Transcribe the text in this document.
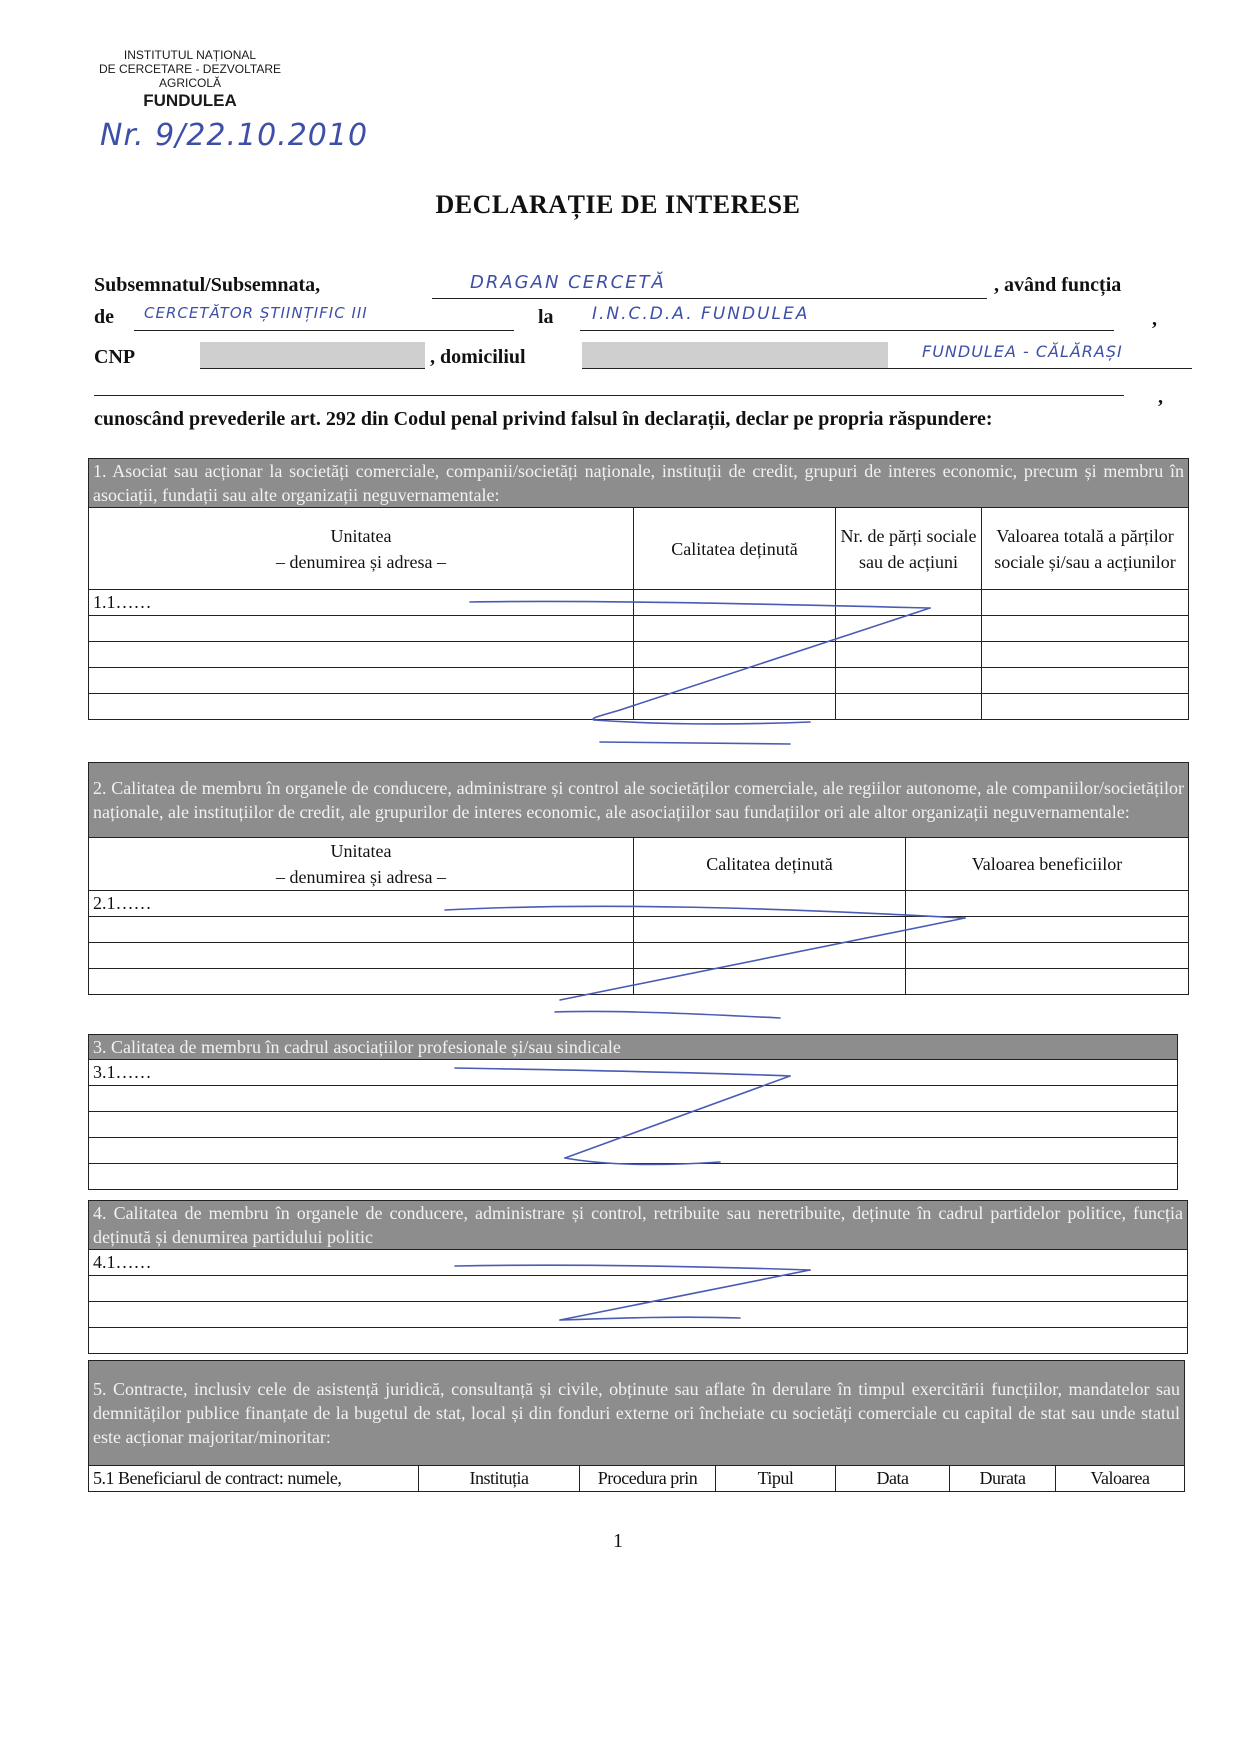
INSTITUTUL NAȚIONAL
DE CERCETARE - DEZVOLTARE
AGRICOLĂ
FUNDULEA
Nr. 9/22.10.2010
DECLARAȚIE DE INTERESE
Subsemnatul/Subsemnata,	DRAGAN CERCETĂ	, având funcția
de CERCETĂTOR ȘTIINȚIFIC III	la I.N.C.D.A. FUNDULEA	,
CNP	, domiciliul	FUNDULEA - CĂLĂRAȘI
,
cunoscând prevederile art. 292 din Codul penal privind falsul în declarații, declar pe propria răspundere:
1. Asociat sau acționar la societăți comerciale, companii/societăți naționale, instituții de credit, grupuri de interes economic, precum și membru în asociații, fundații sau alte organizații neguvernamentale:			

Unitatea
– denumirea și adresa –	Calitatea deținută	Nr. de părți sociale sau de acțiuni	Valoarea totală a părților sociale și/sau a acțiunilor
1.1……			

2. Calitatea de membru în organele de conducere, administrare și control ale societăților comerciale, ale regiilor autonome, ale companiilor/societăților naționale, ale instituțiilor de credit, ale grupurilor de interes economic, ale asociațiilor sau fundațiilor ori ale altor organizații neguvernamentale:		

Unitatea
– denumirea și adresa –	Calitatea deținută	Valoarea beneficiilor
2.1……		

3. Calitatea de membru în cadrul asociațiilor profesionale și/sau sindicale
3.1……

4. Calitatea de membru în organele de conducere, administrare și control, retribuite sau neretribuite, deținute în cadrul partidelor politice, funcția deținută și denumirea partidului politic
4.1……

5. Contracte, inclusiv cele de asistență juridică, consultanță și civile, obținute sau aflate în derulare în timpul exercitării funcțiilor, mandatelor sau demnităților publice finanțate de la bugetul de stat, local și din fonduri externe ori încheiate cu societăți comerciale cu capital de stat sau unde statul este acționar majoritar/minoritar:
5.1 Beneficiarul de contract: numele,	Instituția	Procedura prin	Tipul	Data	Durata	Valoarea
1
